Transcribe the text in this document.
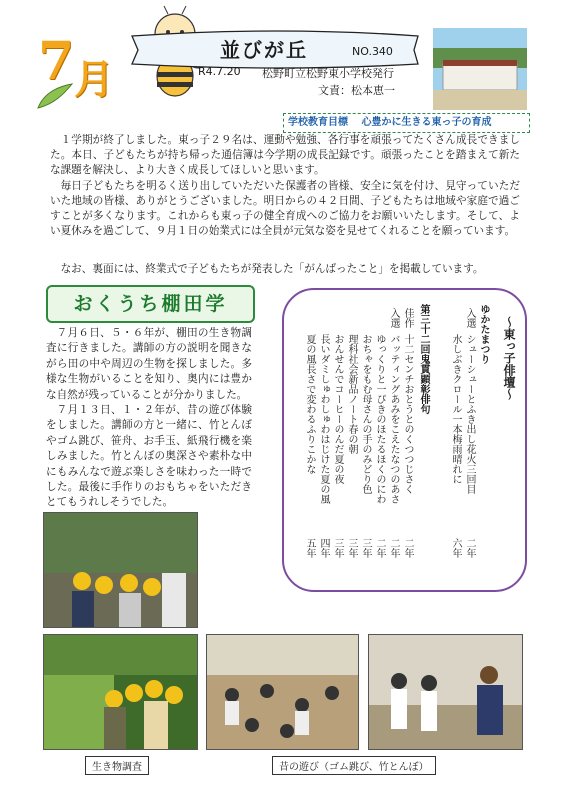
7 月
並びが丘	NO.340
R4.7.20 松野町立松野東小学校発行
文責：松本恵一
学校教育目標　 心豊かに生きる東っ子の育成
１学期が終了しました。東っ子２９名は、運動や勉強、各行事を頑張ってたくさん成長できました。本日、子どもたちが持ち帰った通信簿は今学期の成長記録です。頑張ったことを踏まえて新たな課題を解決し、より大きく成長してほしいと思います。
毎日子どもたちを明るく送り出していただいた保護者の皆様、安全に気を付け、見守っていただいた地域の皆様、ありがとうございました。明日からの４２日間、子どもたちは地域や家庭で過ごすことが多くなります。これからも東っ子の健全育成へのご協力をお願いいたします。そして、よい夏休みを過ごして、９月１日の始業式には全員が元気な姿を見せてくれることを願っています。
なお、裏面には、終業式で子どもたちが発表した「がんばったこと」を掲載しています。
おくうち棚田学
７月６日、５・６年が、棚田の生き物調査に行きました。講師の方の説明を聞きながら田の中や周辺の生物を探しました。多様な生物がいることを知り、奥内には豊かな自然が残っていることが分かりました。
７月１３日、１・２年が、昔の遊び体験をしました。講師の方と一緒に、竹とんぼやゴム跳び、笹舟、お手玉、紙飛行機を楽しみました。竹とんぼの奥深さや素朴な中にもみんなで遊ぶ楽しさを味わった一時でした。最後に手作りのおもちゃをいただきとてもうれしそうでした。
～東っ子俳壇～
ゆかたまつり
入選
シューシューとふき出し花火三回目
二年
水しぶきクロール一本梅雨晴れに
六年
第三十二回鬼貫顕彰俳句
佳作
入選
十二センチおとうとのくつつじさく
二年
バッティングあみをこえたなつのあさ
二年
ゆっくりと一ぴきのほたるほくのにわ
二年
おちゃをもむ母さんの手のみどり色
三年
理科社会新品ノート春の朝
三年
おんせんでコーヒーのんだ夏の夜
三年
長いダミしゅわしゅわはじけた夏の風
四年
夏の風長さで変わるふりこかな
五年
生き物調査	昔の遊び（ゴム跳び、竹とんぼ）
